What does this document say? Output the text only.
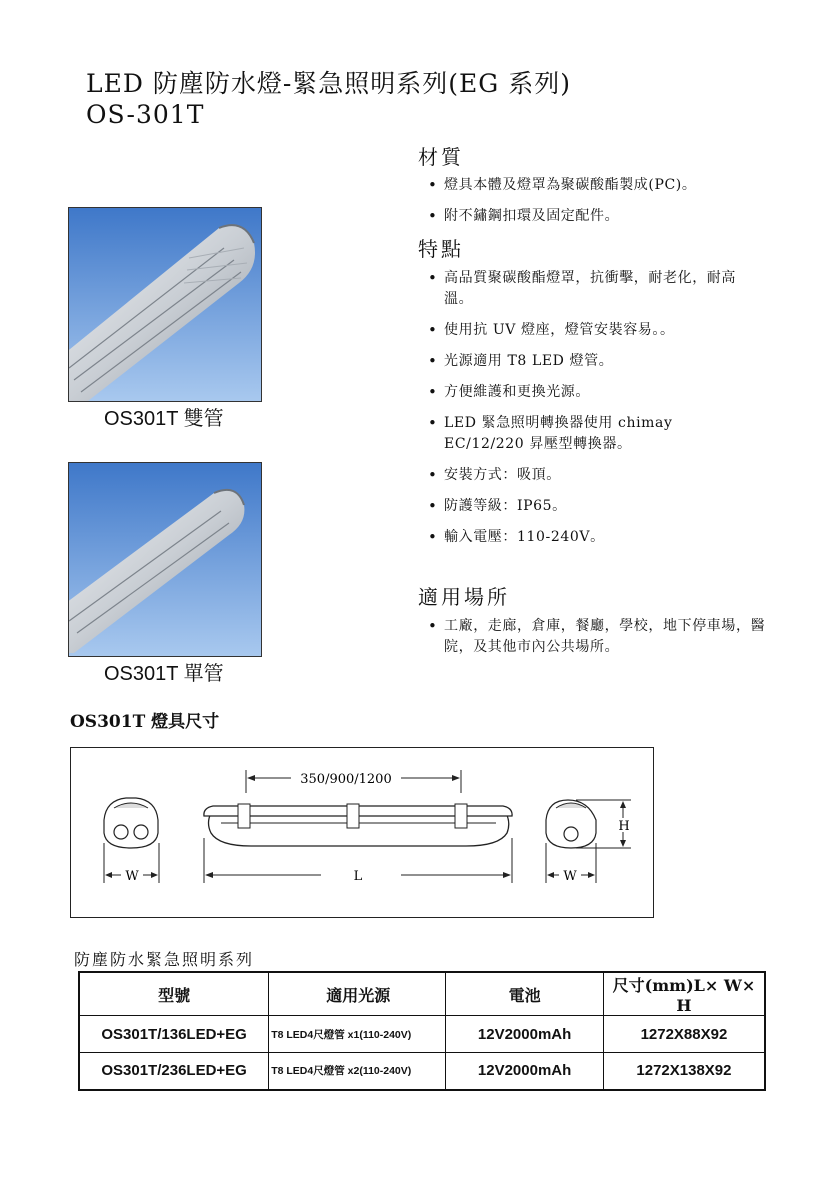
LED 防塵防水燈-緊急照明系列(EG 系列)
OS-301T
OS301T 雙管
OS301T 單管
材質
• 燈具本體及燈罩為聚碳酸酯製成(PC)。
• 附不鏽鋼扣環及固定配件。
特點
• 高品質聚碳酸酯燈罩，抗衝擊，耐老化，耐高溫。
• 使用抗 UV 燈座，燈管安裝容易。。
• 光源適用 T8 LED 燈管。
• 方便維護和更換光源。
• LED 緊急照明轉換器使用 chimay EC/12/220 昇壓型轉換器。
• 安裝方式：吸頂。
• 防護等級：IP65。
• 輸入電壓：110-240V。
適用場所
• 工廠，走廊，倉庫，餐廳，學校，地下停車場，醫院，及其他市內公共場所。
OS301T 燈具尺寸
350/900/1200
W	L	W
H
防塵防水緊急照明系列
型號	適用光源	電池	尺寸(mm)L× W× H
OS301T/136LED+EG	T8 LED4尺燈管 x1(110-240V)	12V2000mAh	1272X88X92
OS301T/236LED+EG	T8 LED4尺燈管 x2(110-240V)	12V2000mAh	1272X138X92
